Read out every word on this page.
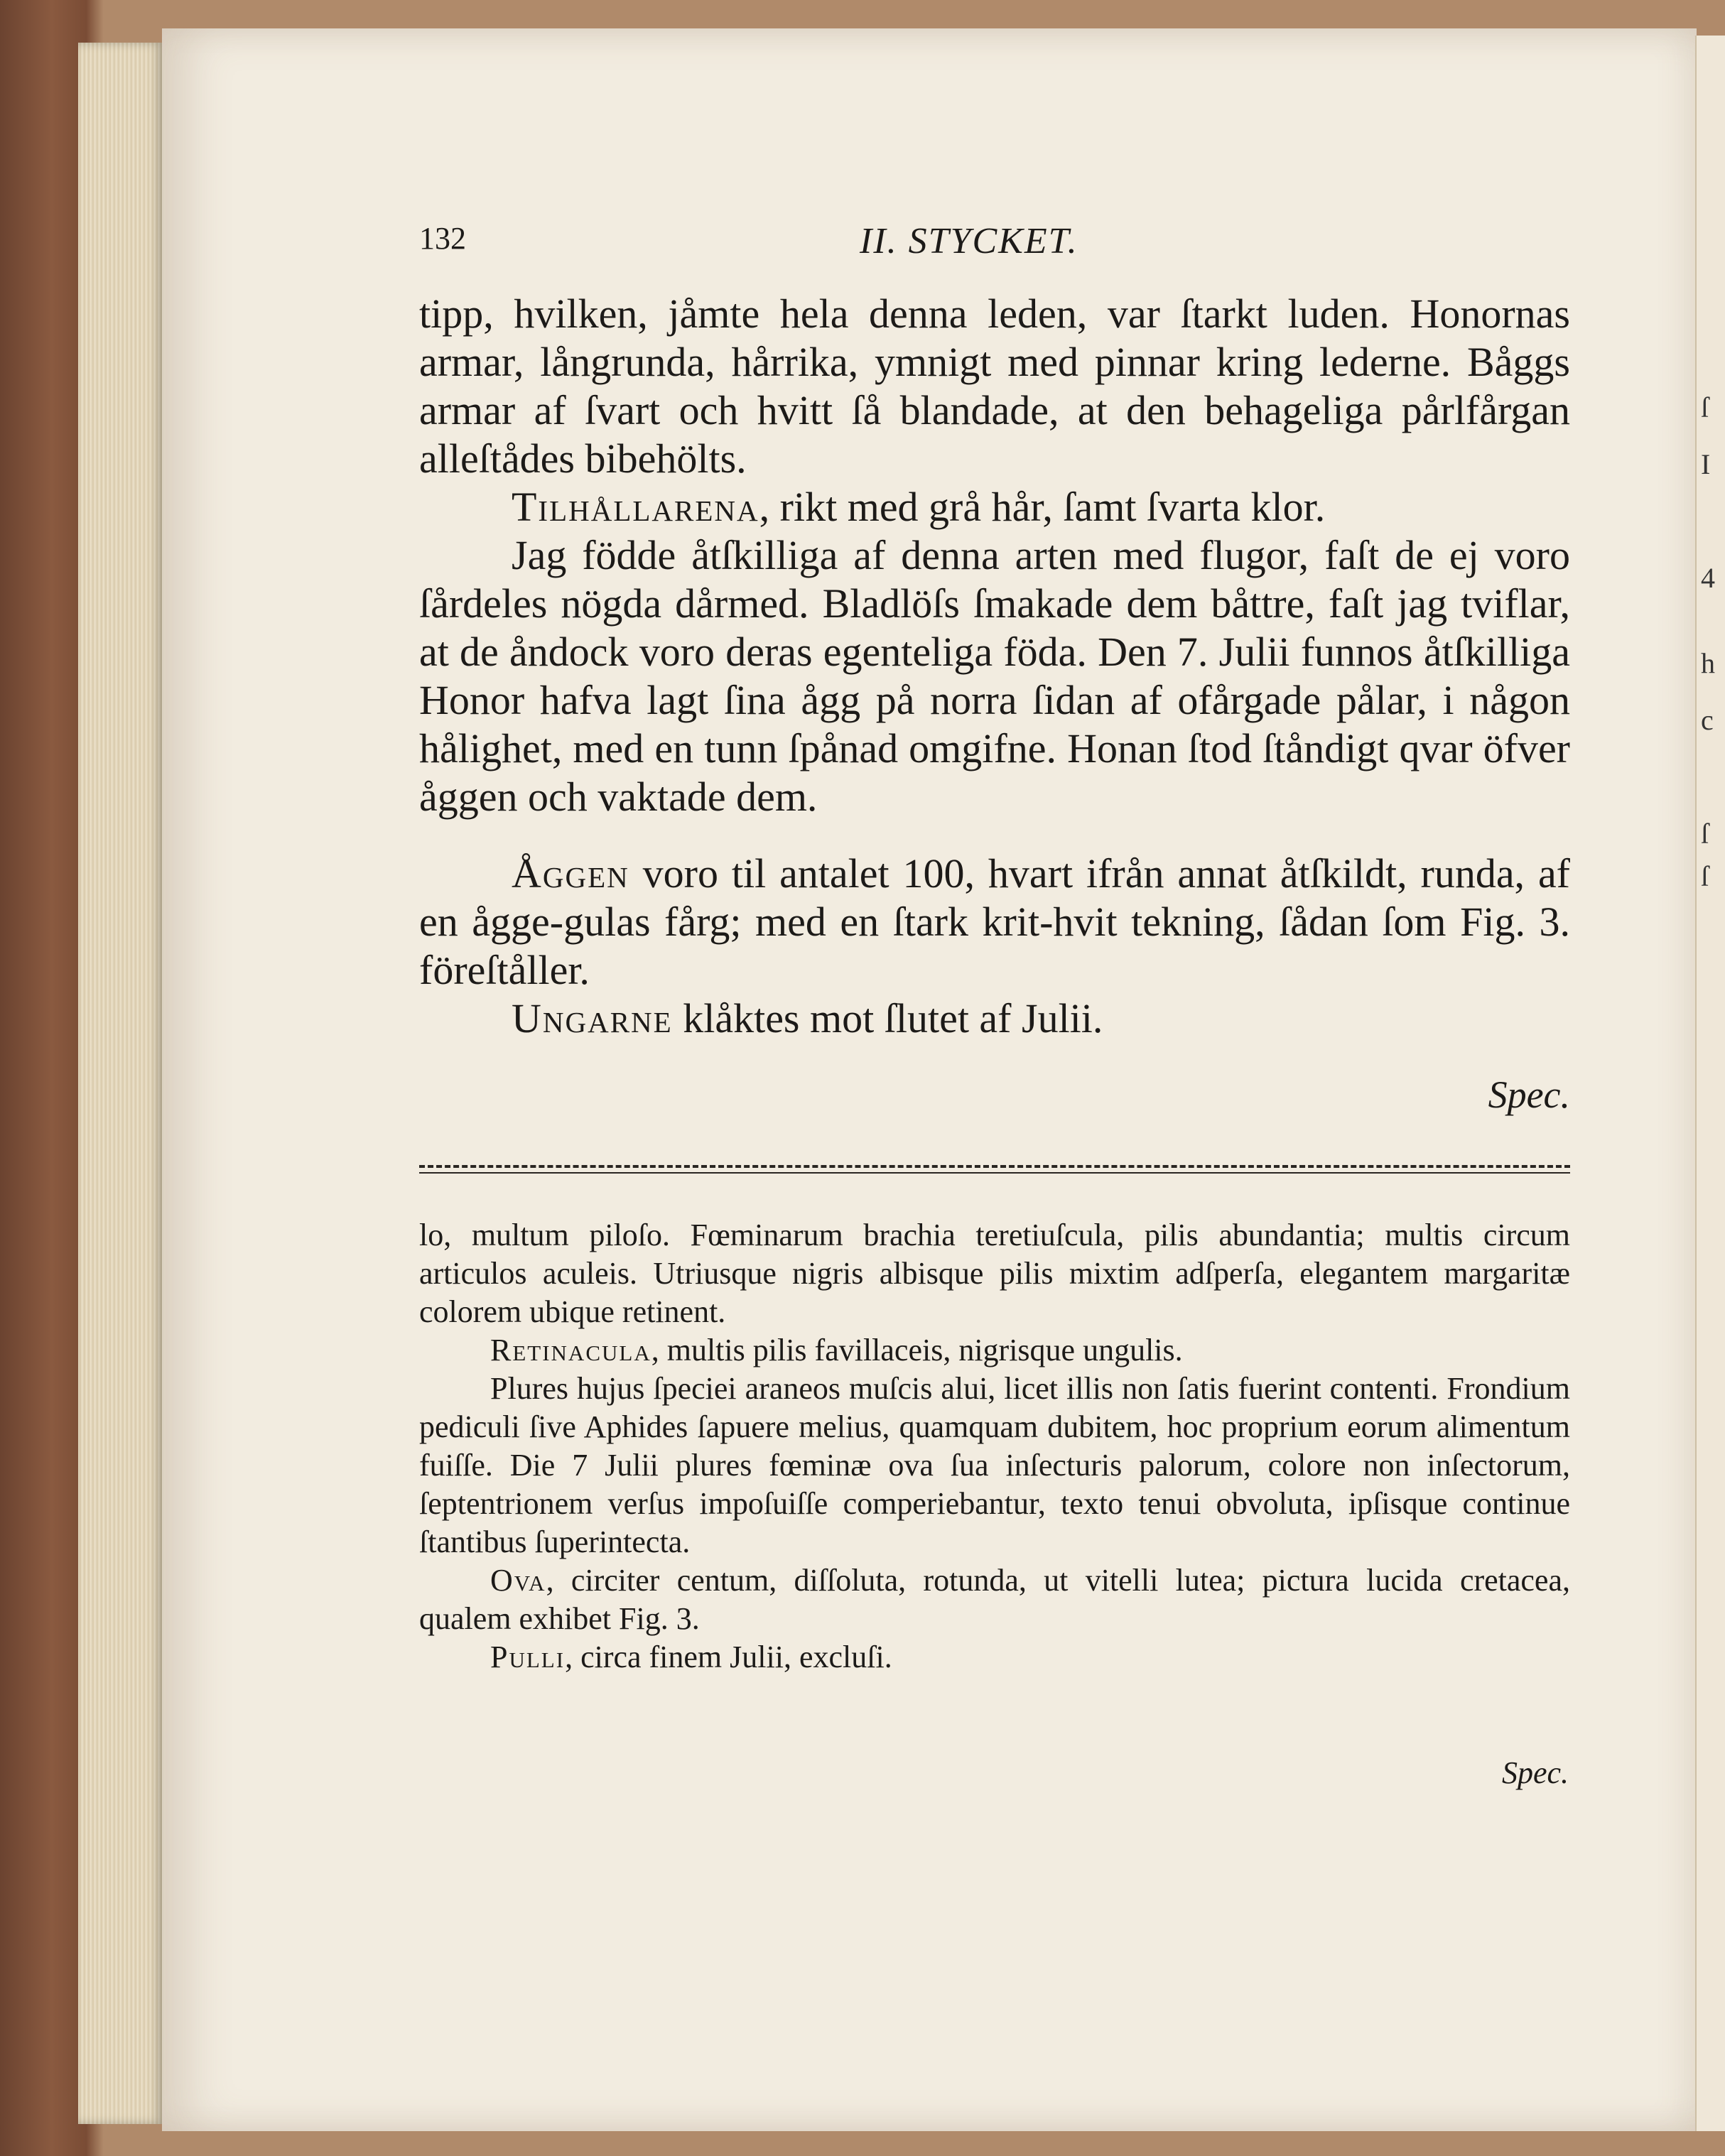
ſ
I
4
h
c
ſ
ſ
132	II. STYCKET.

tipp, hvilken, jåmte hela denna leden, var ſtarkt luden. Honornas armar, långrunda, hårrika, ymnigt med pinnar kring lederne. Båggs armar af ſvart och hvitt ſå blandade, at den behageliga pårlfårgan alleſtådes bibehölts.

Tilhållarena, rikt med grå hår, ſamt ſvarta klor.

Jag födde åtſkilliga af denna arten med flugor, faſt de ej voro ſårdeles nögda dårmed. Bladlöſs ſmakade dem båttre, faſt jag tviflar, at de åndock voro deras egenteliga föda. Den 7. Julii funnos åtſkilliga Honor hafva lagt ſina ågg på norra ſidan af ofårgade pålar, i någon hålighet, med en tunn ſpånad omgifne. Honan ſtod ſtåndigt qvar öfver åggen och vaktade dem.

Åggen voro til antalet 100, hvart ifrån annat åtſkildt, runda, af en ågge-gulas fårg; med en ſtark krit-hvit tekning, ſådan ſom Fig. 3. föreſtåller.

Ungarne klåktes mot ſlutet af Julii.

Spec.

lo, multum piloſo. Fœminarum brachia teretiuſcula, pilis abundantia; multis circum articulos aculeis. Utriusque nigris albisque pilis mixtim adſperſa, elegantem margaritæ colorem ubique retinent.

Retinacula, multis pilis favillaceis, nigrisque ungulis.

Plures hujus ſpeciei araneos muſcis alui, licet illis non ſatis fuerint contenti. Frondium pediculi ſive Aphides ſapuere melius, quamquam dubitem, hoc proprium eorum alimentum fuiſſe. Die 7 Julii plures fœminæ ova ſua inſecturis palorum, colore non inſectorum, ſeptentrionem verſus impoſuiſſe comperiebantur, texto tenui obvoluta, ipſisque continue ſtantibus ſuperintecta.

Ova, circiter centum, diſſoluta, rotunda, ut vitelli lutea; pictura lucida cretacea, qualem exhibet Fig. 3.

Pulli, circa finem Julii, excluſi.

Spec.
